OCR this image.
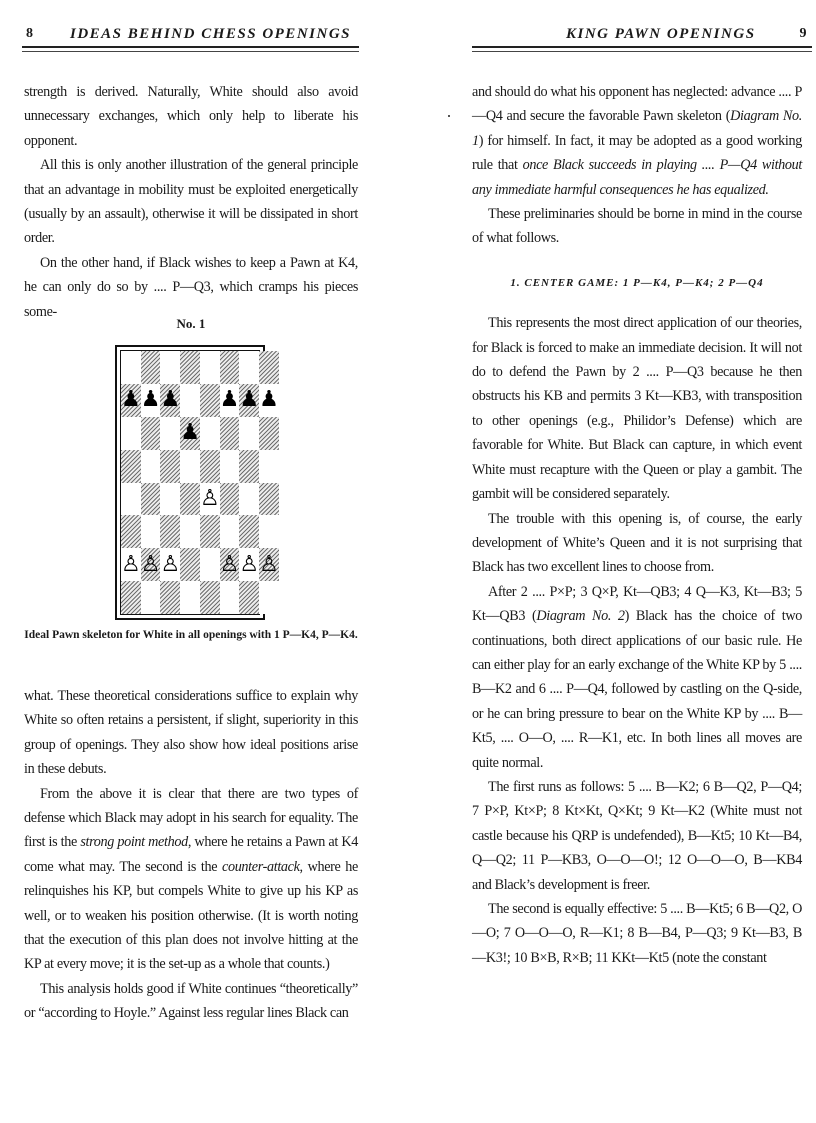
8 IDEAS BEHIND CHESS OPENINGS

strength is derived. Naturally, White should also avoid unnecessary exchanges, which only help to liberate his opponent.

All this is only another illustration of the general principle that an advantage in mobility must be exploited energetically (usually by an assault), otherwise it will be dissipated in short order.

On the other hand, if Black wishes to keep a Pawn at K4, he can only do so by .... P—Q3, which cramps his pieces some-

No. 1
♟ ♟ ♟ ♟ ♟ ♟
♟
♙
♙ ♙ ♙ ♙ ♙ ♙
Ideal Pawn skeleton for White in all openings with 1 P—K4, P—K4.

what. These theoretical considerations suffice to explain why White so often retains a persistent, if slight, superiority in this group of openings. They also show how ideal positions arise in these debuts.

From the above it is clear that there are two types of defense which Black may adopt in his search for equality. The first is the strong point method, where he retains a Pawn at K4 come what may. The second is the counter-attack, where he relinquishes his KP, but compels White to give up his KP as well, or to weaken his position otherwise. (It is worth noting that the execution of this plan does not involve hitting at the KP at every move; it is the set-up as a whole that counts.)

This analysis holds good if White continues “theoretically” or “according to Hoyle.” Against less regular lines Black can

KING PAWN OPENINGS	9

and should do what his opponent has neglected: advance .... P—Q4 and secure the favorable Pawn skeleton (Diagram No. 1) for himself. In fact, it may be adopted as a good working rule that once Black succeeds in playing .... P—Q4 without any immediate harmful consequences he has equalized.

These preliminaries should be borne in mind in the course of what follows.

1. CENTER GAME: 1 P—K4, P—K4; 2 P—Q4

This represents the most direct application of our theories, for Black is forced to make an immediate decision. It will not do to defend the Pawn by 2 .... P—Q3 because he then obstructs his KB and permits 3 Kt—KB3, with transposition to other openings (e.g., Philidor’s Defense) which are favorable for White. But Black can capture, in which event White must recapture with the Queen or play a gambit. The gambit will be considered separately.

The trouble with this opening is, of course, the early development of White’s Queen and it is not surprising that Black has two excellent lines to choose from.

After 2 .... P×P; 3 Q×P, Kt—QB3; 4 Q—K3, Kt—B3; 5 Kt—QB3 (Diagram No. 2) Black has the choice of two continuations, both direct applications of our basic rule. He can either play for an early exchange of the White KP by 5 .... B—K2 and 6 .... P—Q4, followed by castling on the Q-side, or he can bring pressure to bear on the White KP by .... B—Kt5, .... O—O, .... R—K1, etc. In both lines all moves are quite normal.

The first runs as follows: 5 .... B—K2; 6 B—Q2, P—Q4; 7 P×P, Kt×P; 8 Kt×Kt, Q×Kt; 9 Kt—K2 (White must not castle because his QRP is undefended), B—Kt5; 10 Kt—B4, Q—Q2; 11 P—KB3, O—O—O!; 12 O—O—O, B—KB4 and Black’s development is freer.

The second is equally effective: 5 .... B—Kt5; 6 B—Q2, O—O; 7 O—O—O, R—K1; 8 B—B4, P—Q3; 9 Kt—B3, B—K3!; 10 B×B, R×B; 11 KKt—Kt5 (note the constant
